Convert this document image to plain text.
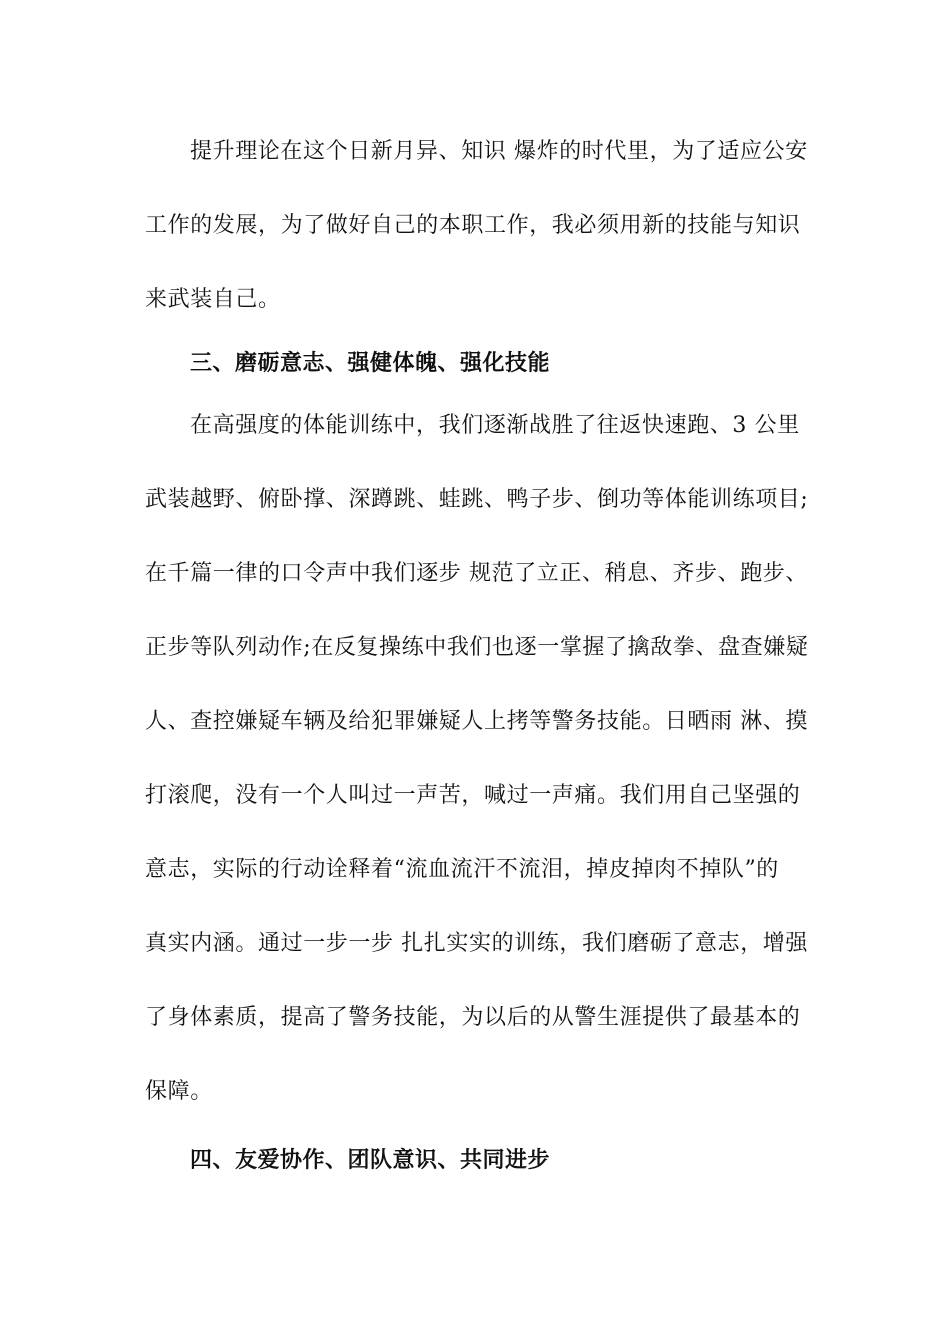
提升理论在这个日新月异、知识 爆炸的时代里，为了适应公安
工作的发展，为了做好自己的本职工作，我必须用新的技能与知识
来武装自己。
三、磨砺意志、强健体魄、强化技能
在高强度的体能训练中，我们逐渐战胜了往返快速跑、3 公里
武装越野、俯卧撑、深蹲跳、蛙跳、鸭子步、倒功等体能训练项目;
在千篇一律的口令声中我们逐步 规范了立正、稍息、齐步、跑步、
正步等队列动作;在反复操练中我们也逐一掌握了擒敌拳、盘查嫌疑
人、查控嫌疑车辆及给犯罪嫌疑人上拷等警务技能。日晒雨 淋、摸
打滚爬，没有一个人叫过一声苦，喊过一声痛。我们用自己坚强的
意志，实际的行动诠释着“流血流汗不流泪，掉皮掉肉不掉队”的
真实内涵。通过一步一步 扎扎实实的训练，我们磨砺了意志，增强
了身体素质，提高了警务技能，为以后的从警生涯提供了最基本的
保障。
四、友爱协作、团队意识、共同进步
